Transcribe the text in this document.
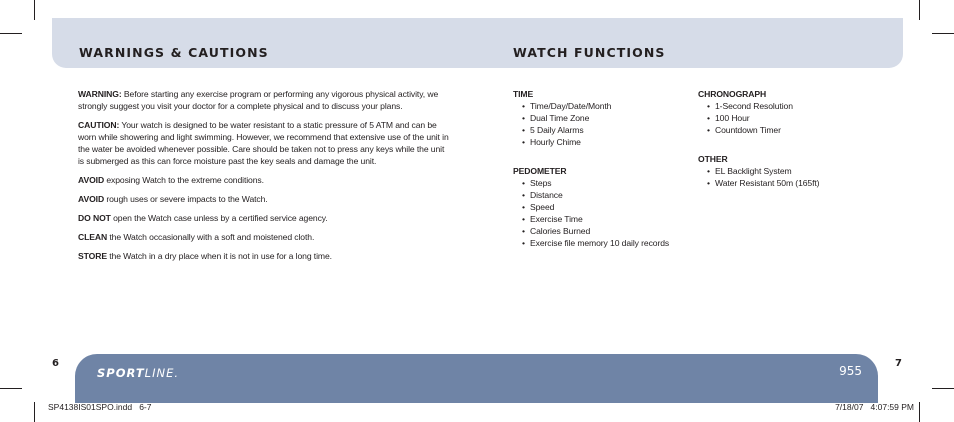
WARNINGS & CAUTIONS	WATCH FUNCTIONS

WARNING: Before starting any exercise program or performing any vigorous physical activity, we strongly suggest you visit your doctor for a complete physical and to discuss your plans.

CAUTION: Your watch is designed to be water resistant to a static pressure of 5 ATM and can be worn while showering and light swimming. However, we recommend that extensive use of the unit in the water be avoided whenever possible. Care should be taken not to press any keys while the unit is submerged as this can force moisture past the key seals and damage the unit.

AVOID exposing Watch to the extreme conditions.

AVOID rough uses or severe impacts to the Watch.

DO NOT open the Watch case unless by a certified service agency.

CLEAN the Watch occasionally with a soft and moistened cloth.

STORE the Watch in a dry place when it is not in use for a long time.

TIME

• Time/Day/Date/Month
• Dual Time Zone
• 5 Daily Alarms
• Hourly Chime

PEDOMETER

• Steps
• Distance
• Speed
• Exercise Time
• Calories Burned
• Exercise file memory 10 daily records

CHRONOGRAPH

• 1-Second Resolution
• 100 Hour
• Countdown Timer

OTHER

• EL Backlight System
• Water Resistant 50m (165ft)
6	7
SPORTLINE.	955
SP4138IS01SPO.indd   6-7	7/18/07   4:07:59 PM
